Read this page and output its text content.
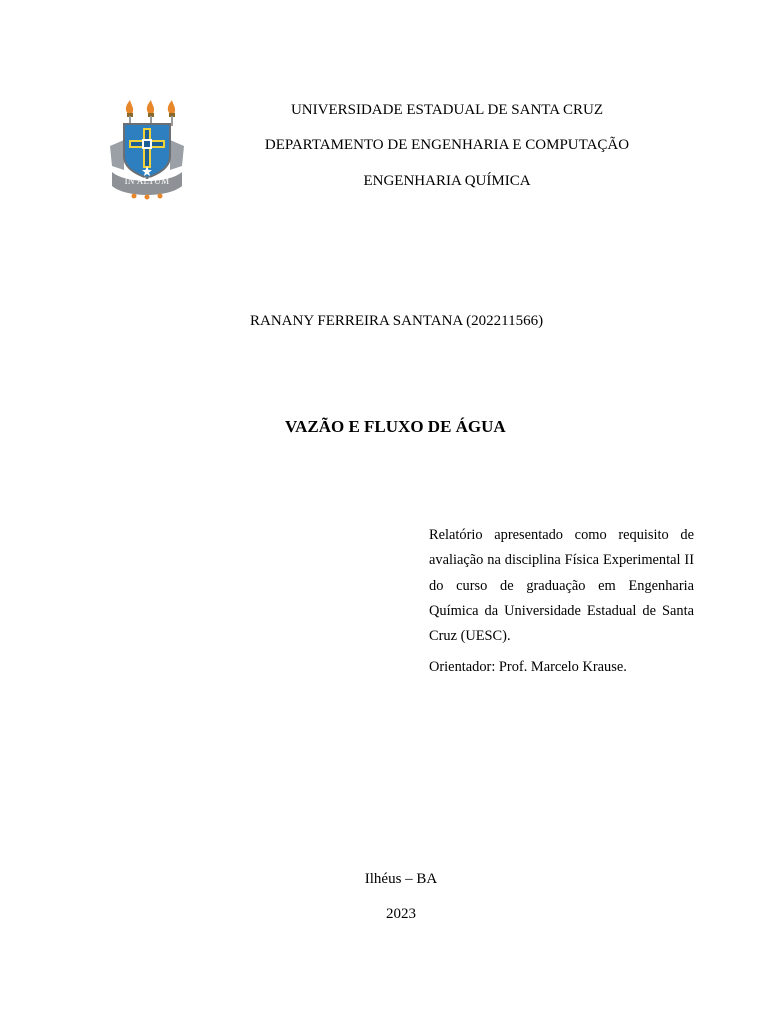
IN ALTUM
UNIVERSIDADE ESTADUAL DE SANTA CRUZ
DEPARTAMENTO DE ENGENHARIA E COMPUTAÇÃO
ENGENHARIA QUÍMICA
RANANY FERREIRA SANTANA (202211566)
VAZÃO E FLUXO DE ÁGUA
Relatório apresentado como requisito de avaliação na disciplina Física Experimental II do curso de graduação em Engenharia Química da Universidade Estadual de Santa Cruz (UESC).
Orientador: Prof. Marcelo Krause.
Ilhéus – BA
2023
